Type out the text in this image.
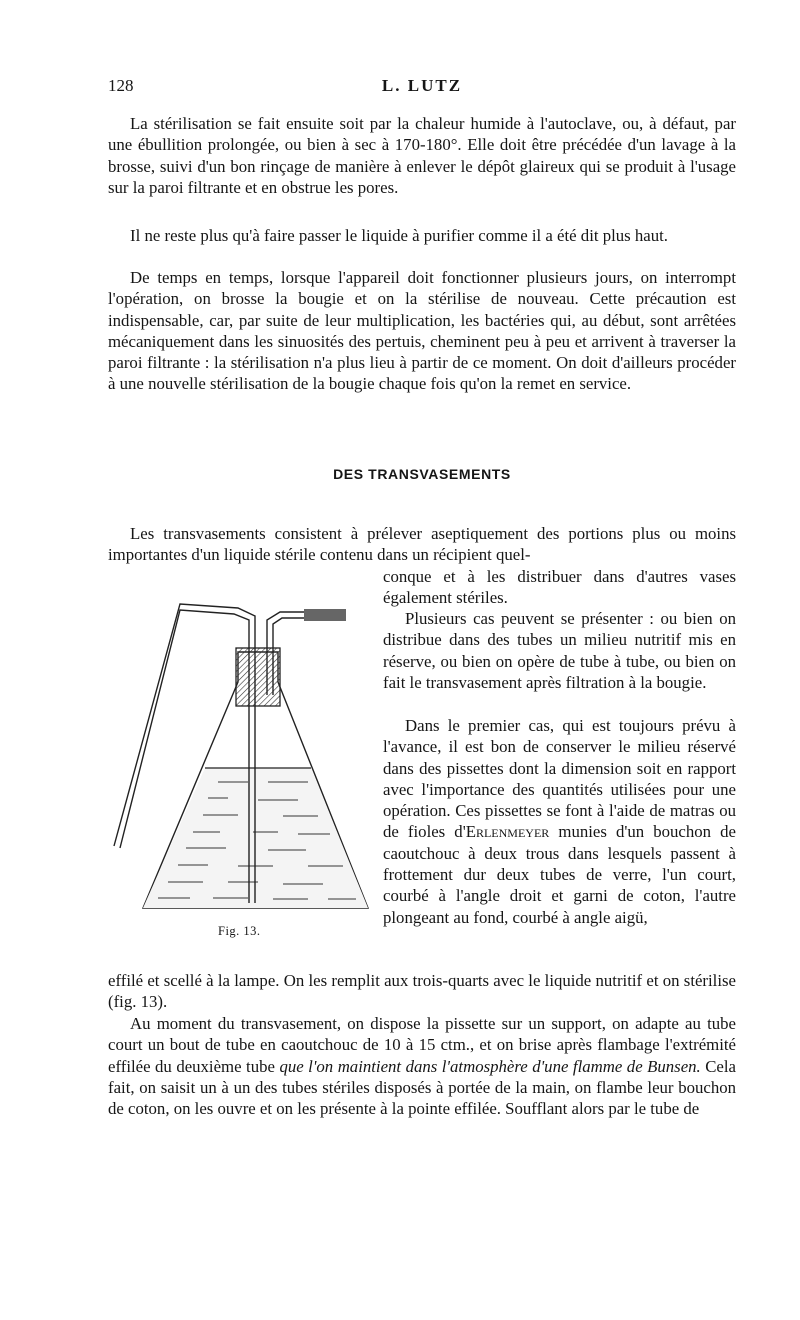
128	L. LUTZ

La stérilisation se fait ensuite soit par la chaleur humide à l'autoclave, ou, à défaut, par une ébullition prolongée, ou bien à sec à 170-180°. Elle doit être précédée d'un lavage à la brosse, suivi d'un bon rinçage de manière à enlever le dépôt glaireux qui se produit à l'usage sur la paroi filtrante et en obstrue les pores.

Il ne reste plus qu'à faire passer le liquide à purifier comme il a été dit plus haut.

De temps en temps, lorsque l'appareil doit fonctionner plusieurs jours, on interrompt l'opération, on brosse la bougie et on la stérilise de nouveau. Cette précaution est indispensable, car, par suite de leur multiplication, les bactéries qui, au début, sont arrêtées mécaniquement dans les sinuosités des pertuis, cheminent peu à peu et arrivent à traverser la paroi filtrante : la stérilisation n'a plus lieu à partir de ce moment. On doit d'ailleurs procéder à une nouvelle stérilisation de la bougie chaque fois qu'on la remet en service.

DES TRANSVASEMENTS

Les transvasements consistent à prélever aseptiquement des portions plus ou moins importantes d'un liquide stérile contenu dans un récipient quel-

conque et à les distribuer dans d'autres vases également stériles.

Plusieurs cas peuvent se présenter : ou bien on distribue dans des tubes un milieu nutritif mis en réserve, ou bien on opère de tube à tube, ou bien on fait le transvasement après filtration à la bougie.

Dans le premier cas, qui est toujours prévu à l'avance, il est bon de conserver le milieu réservé dans des pissettes dont la dimension soit en rapport avec l'importance des quantités utilisées pour une opération. Ces pissettes se font à l'aide de matras ou de fioles d'Erlenmeyer munies d'un bouchon de caoutchouc à deux trous dans lesquels passent à frottement dur deux tubes de verre, l'un court, courbé à l'angle droit et garni de coton, l'autre plongeant au fond, courbé à angle aigü,

effilé et scellé à la lampe. On les remplit aux trois-quarts avec le liquide nutritif et on stérilise (fig. 13).

Au moment du transvasement, on dispose la pissette sur un support, on adapte au tube court un bout de tube en caoutchouc de 10 à 15 ctm., et on brise après flambage l'extrémité effilée du deuxième tube que l'on maintient dans l'atmosphère d'une flamme de Bunsen. Cela fait, on saisit un à un des tubes stériles disposés à portée de la main, on flambe leur bouchon de coton, on les ouvre et on les présente à la pointe effilée. Soufflant alors par le tube de

Fig. 13.
